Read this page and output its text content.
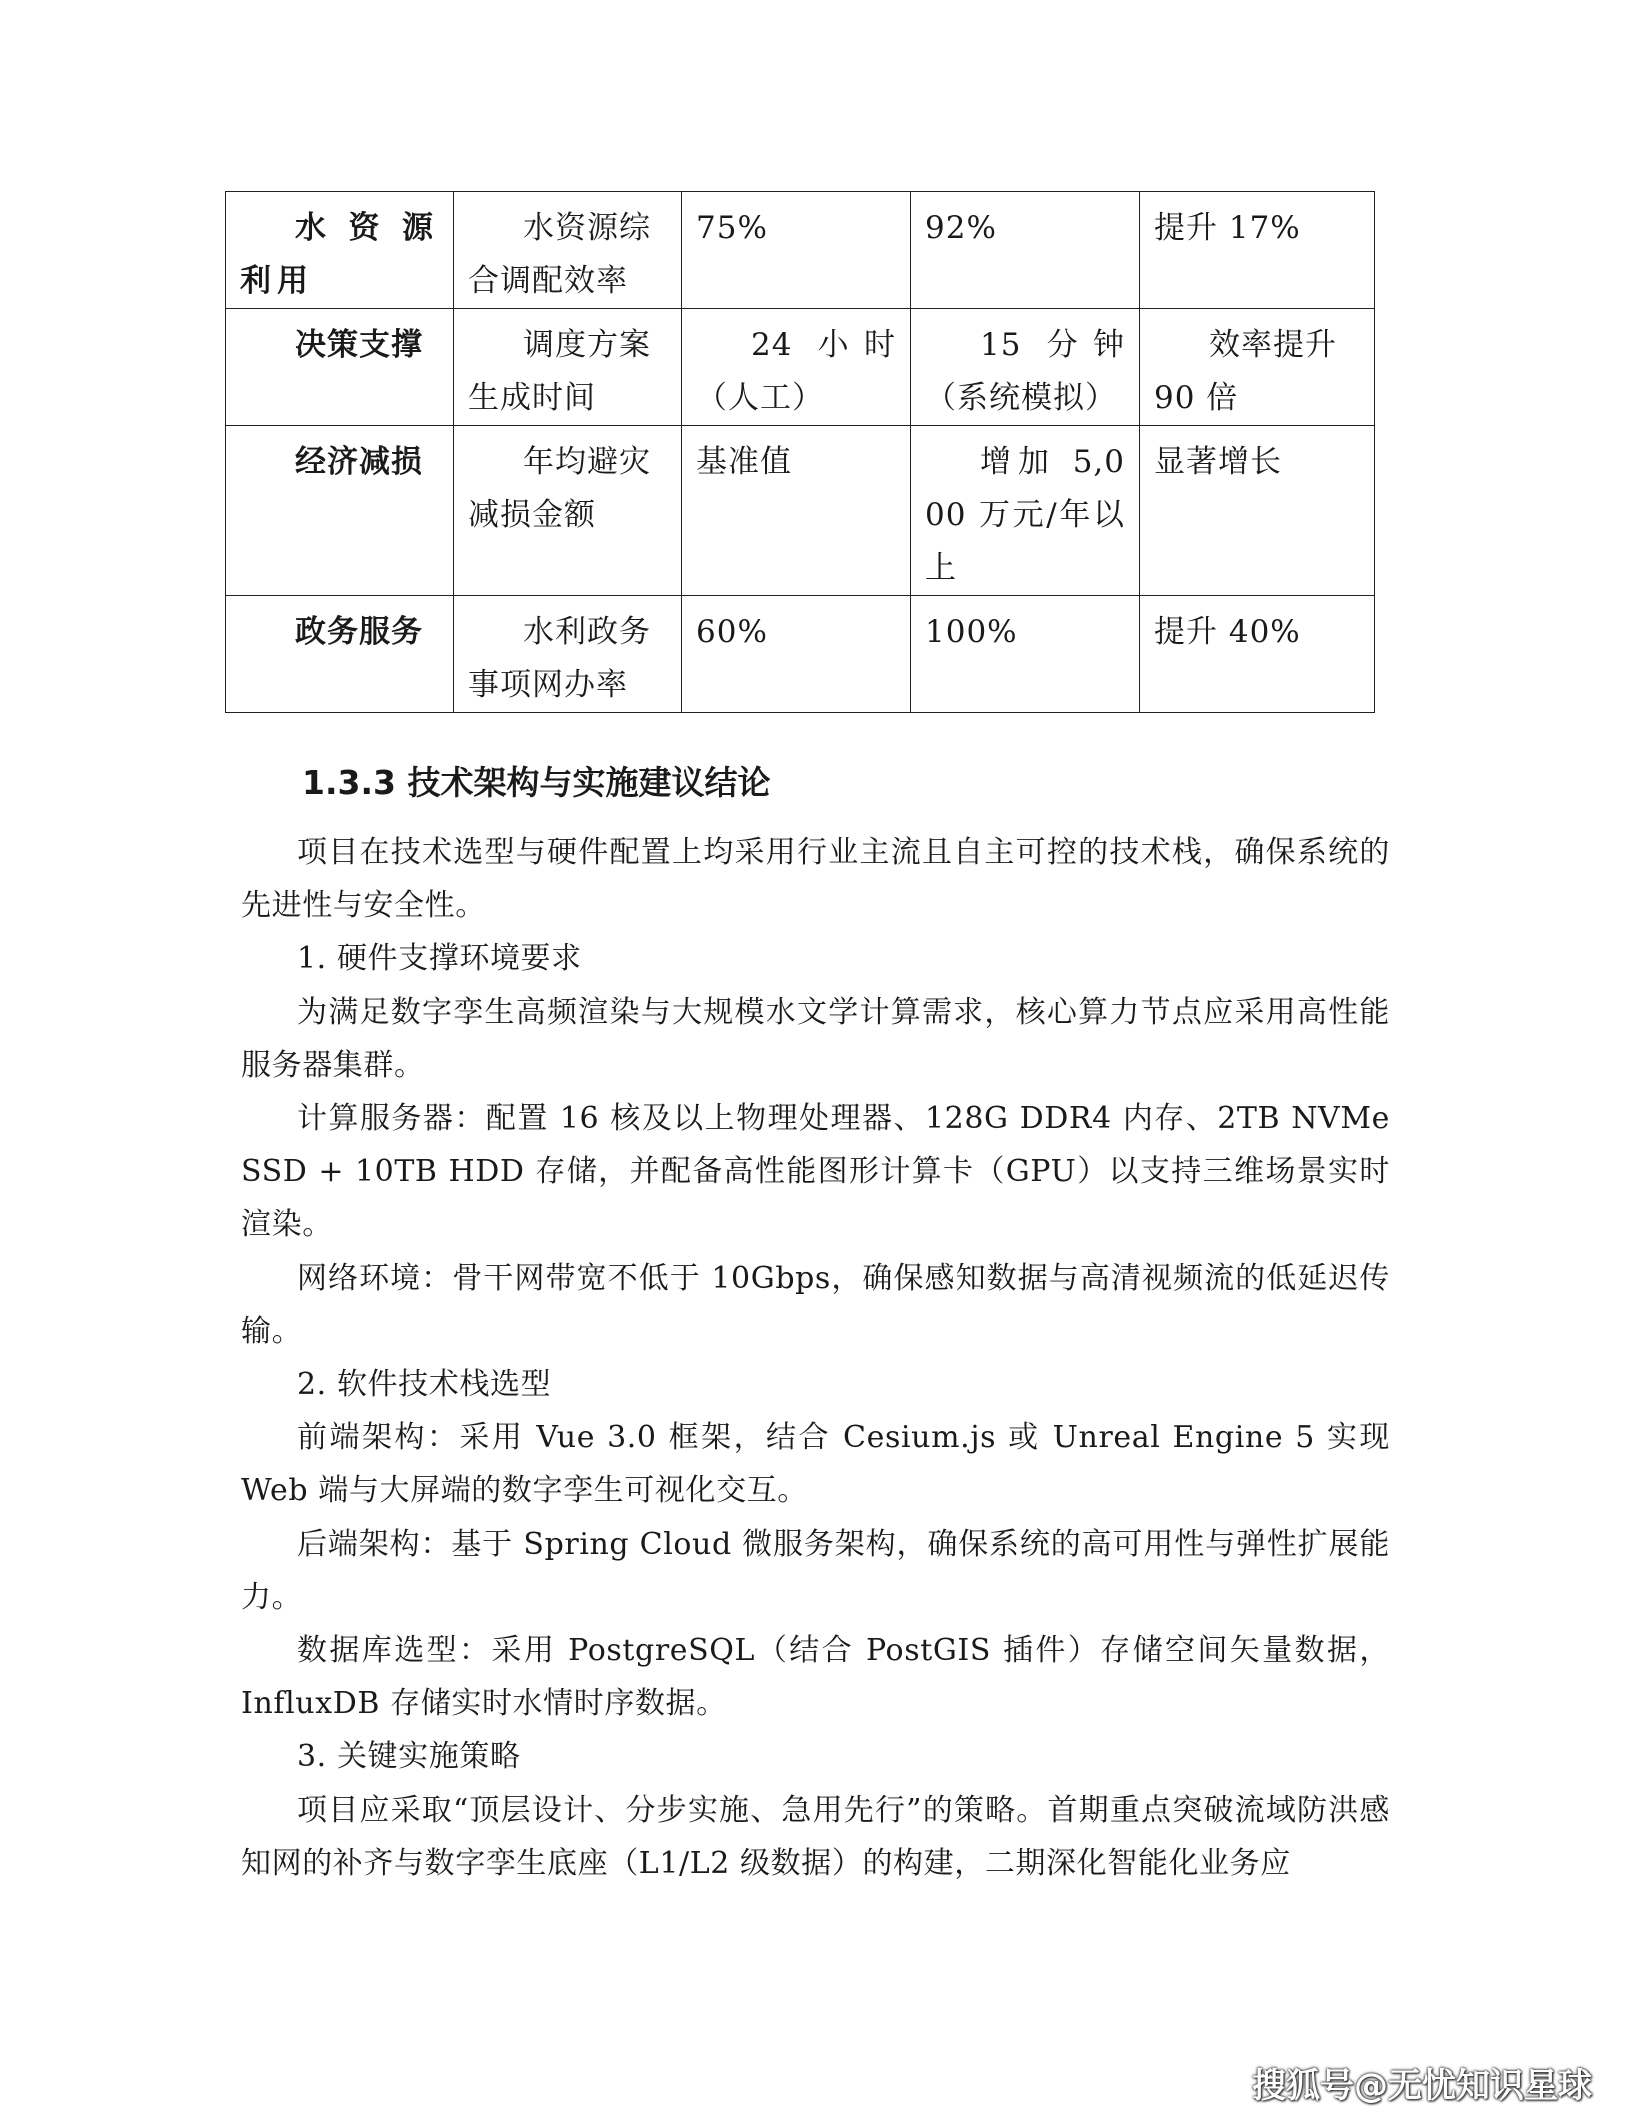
水资源利用	水资源综合调配效率	75%	92%	提升 17%
决策支撑	调度方案生成时间	24 小时（人工）	15 分钟（系统模拟）	效率提升 90 倍
经济减损	年均避灾减损金额	基准值	增加 5,000 万元/年以上	显著增长
政务服务	水利政务事项网办率	60%	100%	提升 40%
1.3.3 技术架构与实施建议结论

项目在技术选型与硬件配置上均采用行业主流且自主可控的技术栈，确保系统的先进性与安全性。

1. 硬件支撑环境要求

为满足数字孪生高频渲染与大规模水文学计算需求，核心算力节点应采用高性能服务器集群。

计算服务器：配置 16 核及以上物理处理器、128G DDR4 内存、2TB NVMe SSD + 10TB HDD 存储，并配备高性能图形计算卡（GPU）以支持三维场景实时渲染。

网络环境：骨干网带宽不低于 10Gbps，确保感知数据与高清视频流的低延迟传输。

2. 软件技术栈选型

前端架构：采用 Vue 3.0 框架，结合 Cesium.js 或 Unreal Engine 5 实现 Web 端与大屏端的数字孪生可视化交互。

后端架构：基于 Spring Cloud 微服务架构，确保系统的高可用性与弹性扩展能力。

数据库选型：采用 PostgreSQL（结合 PostGIS 插件）存储空间矢量数据，InfluxDB 存储实时水情时序数据。

3. 关键实施策略

项目应采取“顶层设计、分步实施、急用先行”的策略。首期重点突破流域防洪感知网的补齐与数字孪生底座（L1/L2 级数据）的构建，二期深化智能化业务应

搜狐号@无忧知识星球
